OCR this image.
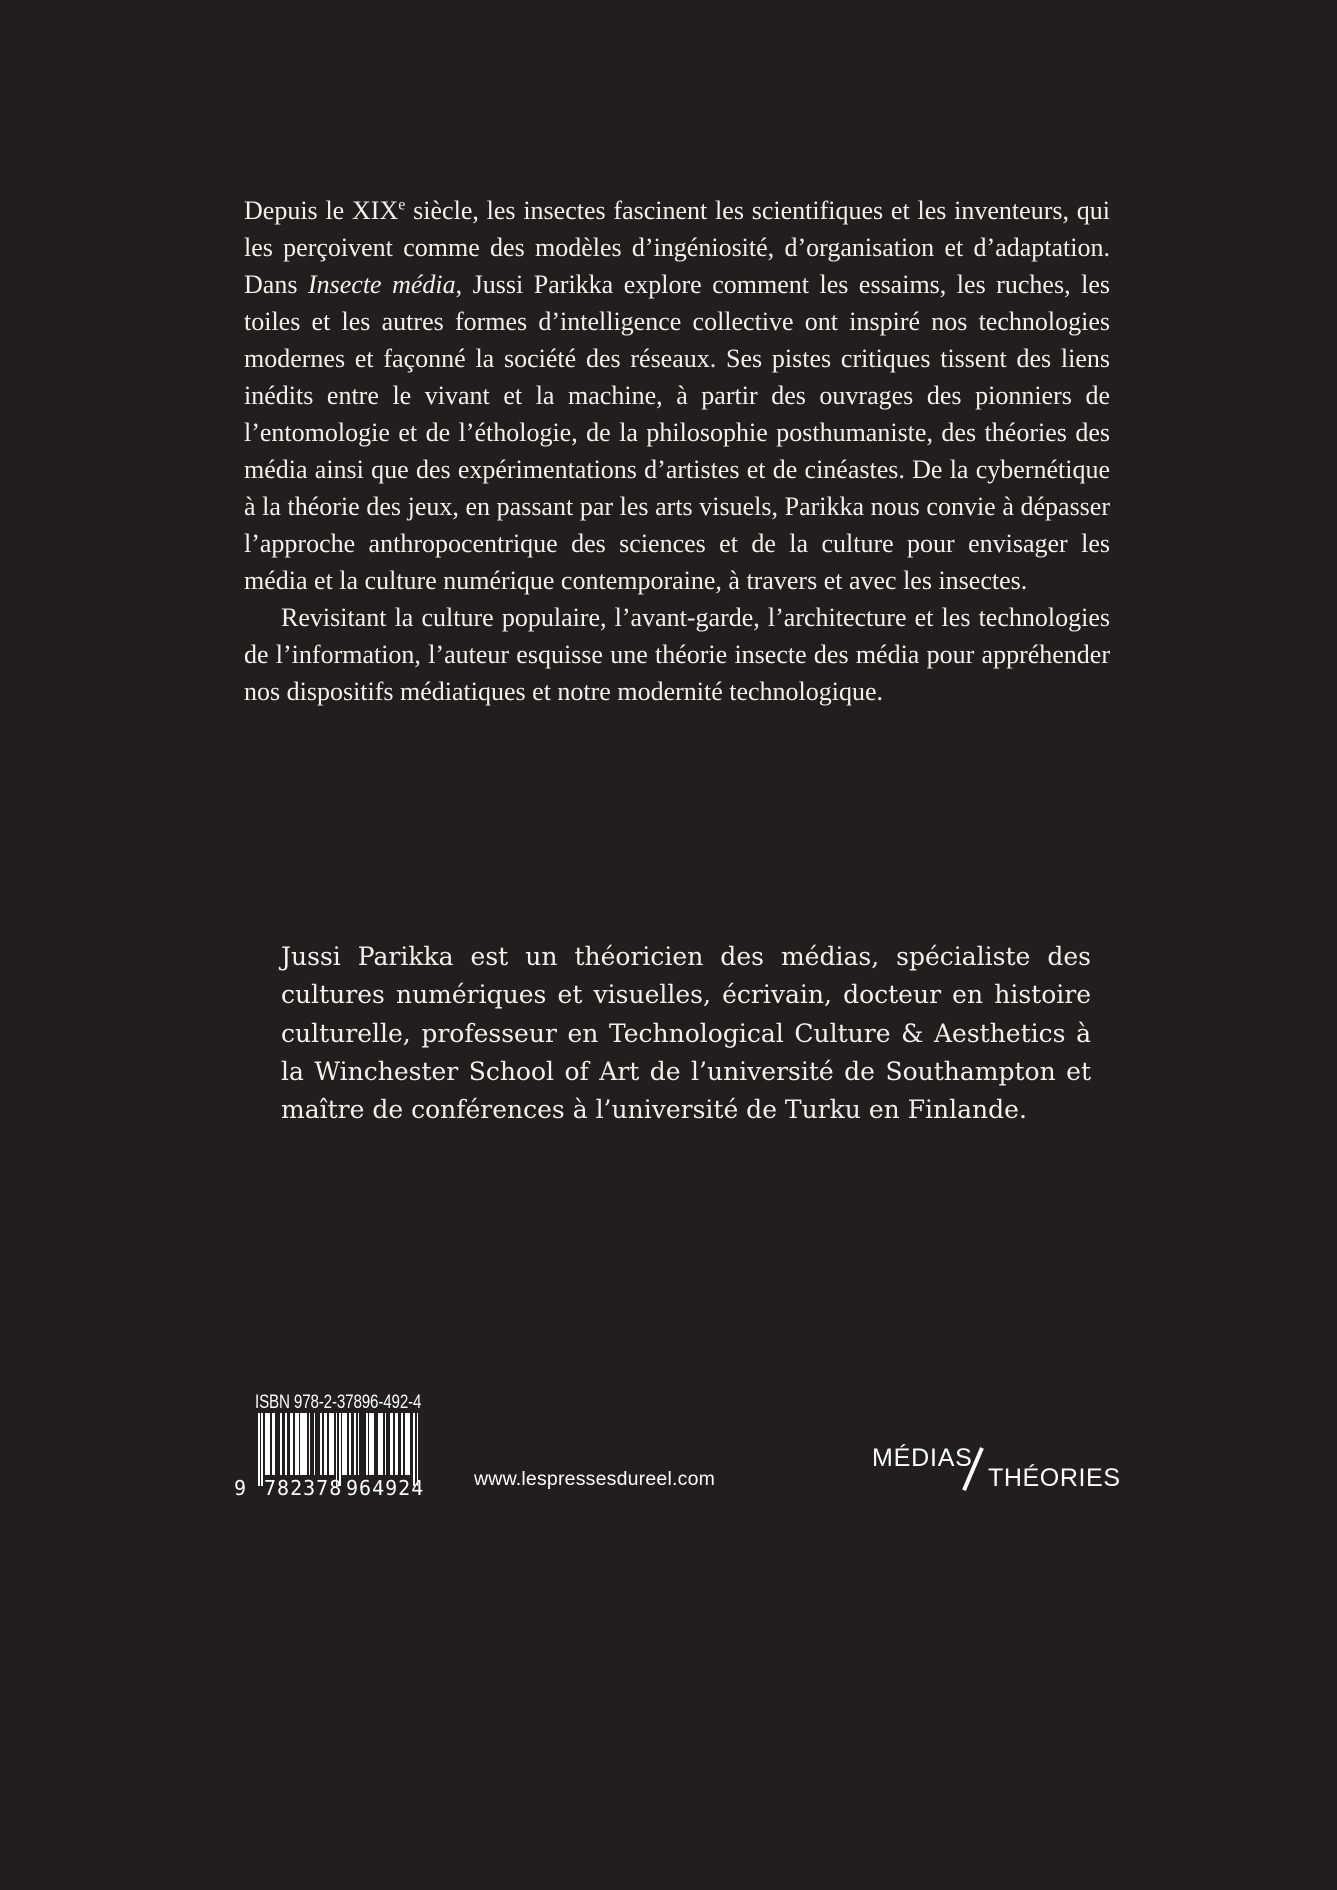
Depuis le XIXe siècle, les insectes fascinent les scientifiques et les inventeurs, qui les perçoivent comme des modèles d’ingéniosité, d’organisation et d’adaptation. Dans Insecte média, Jussi Parikka explore comment les essaims, les ruches, les toiles et les autres formes d’intelligence collective ont inspiré nos technologies modernes et façonné la société des réseaux. Ses pistes critiques tissent des liens inédits entre le vivant et la machine, à partir des ouvrages des pionniers de l’entomologie et de l’éthologie, de la philosophie posthumaniste, des théories des média ainsi que des expérimentations d’artistes et de cinéastes. De la cybernétique à la théorie des jeux, en passant par les arts visuels, Parikka nous convie à dépasser l’approche anthropocentrique des sciences et de la culture pour envisager les média et la culture numérique contemporaine, à travers et avec les insectes.

Revisitant la culture populaire, l’avant-garde, l’architecture et les technologies de l’information, l’auteur esquisse une théorie insecte des média pour appréhender nos dispositifs médiatiques et notre modernité technologique.

Jussi Parikka est un théoricien des médias, spécialiste des cultures numériques et visuelles, écrivain, docteur en histoire culturelle, professeur en Technological Culture & Aesthetics à la Winchester School of Art de l’université de Southampton et maître de conférences à l’université de Turku en Finlande.

ISBN 978-2-37896-492-4
9 782378 964924	www.lespressesdureel.com
MÉDIAS
THÉORIES
